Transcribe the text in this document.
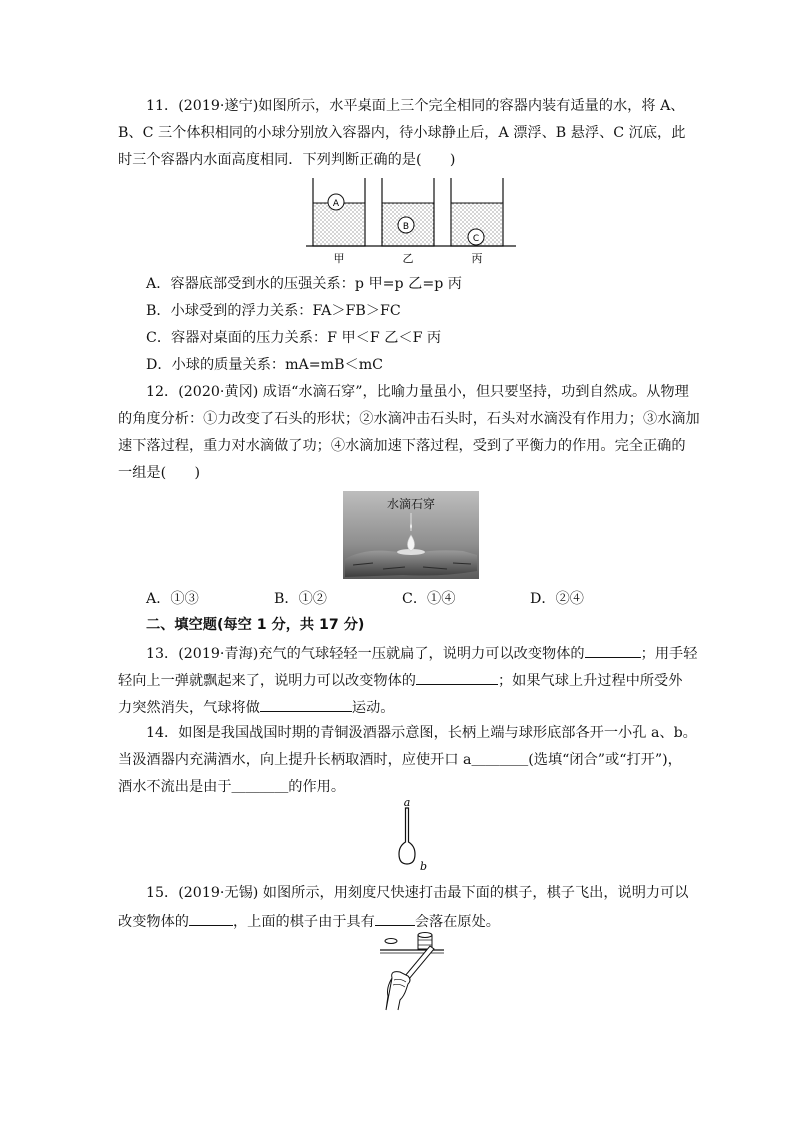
11．(2019·遂宁)如图所示，水平桌面上三个完全相同的容器内装有适量的水，将 A、
B、C 三个体积相同的小球分别放入容器内，待小球静止后，A 漂浮、B 悬浮、C 沉底，此
时三个容器内水面高度相同．下列判断正确的是(　　)
A
B
C
甲	乙	丙
A．容器底部受到水的压强关系：p 甲=p 乙=p 丙
B．小球受到的浮力关系：FA＞FB＞FC
C．容器对桌面的压力关系：F 甲＜F 乙＜F 丙
D．小球的质量关系：mA=mB＜mC
12．(2020·黄冈) 成语“水滴石穿”，比喻力量虽小，但只要坚持，功到自然成。从物理
的角度分析：①力改变了石头的形状；②水滴冲击石头时，石头对水滴没有作用力；③水滴加
速下落过程，重力对水滴做了功；④水滴加速下落过程，受到了平衡力的作用。完全正确的
一组是(　　)
水滴石穿
A．①③	B．①②	C．①④	D．②④
二、填空题(每空 1 分，共 17 分)
13．(2019·青海)充气的气球轻轻一压就扁了，说明力可以改变物体的	；用手轻
轻向上一弹就飘起来了，说明力可以改变物体的	；如果气球上升过程中所受外
力突然消失，气球将做	运动。
14．如图是我国战国时期的青铜汲酒器示意图，长柄上端与球形底部各开一小孔 a、b。
当汲酒器内充满酒水，向上提升长柄取酒时，应使开口 a＿＿＿＿(选填“闭合”或“打开”)，
酒水不流出是由于＿＿＿＿的作用。
a
b
15．(2019·无锡) 如图所示，用刻度尺快速打击最下面的棋子，棋子飞出，说明力可以
改变物体的	，上面的棋子由于具有	会落在原处。
